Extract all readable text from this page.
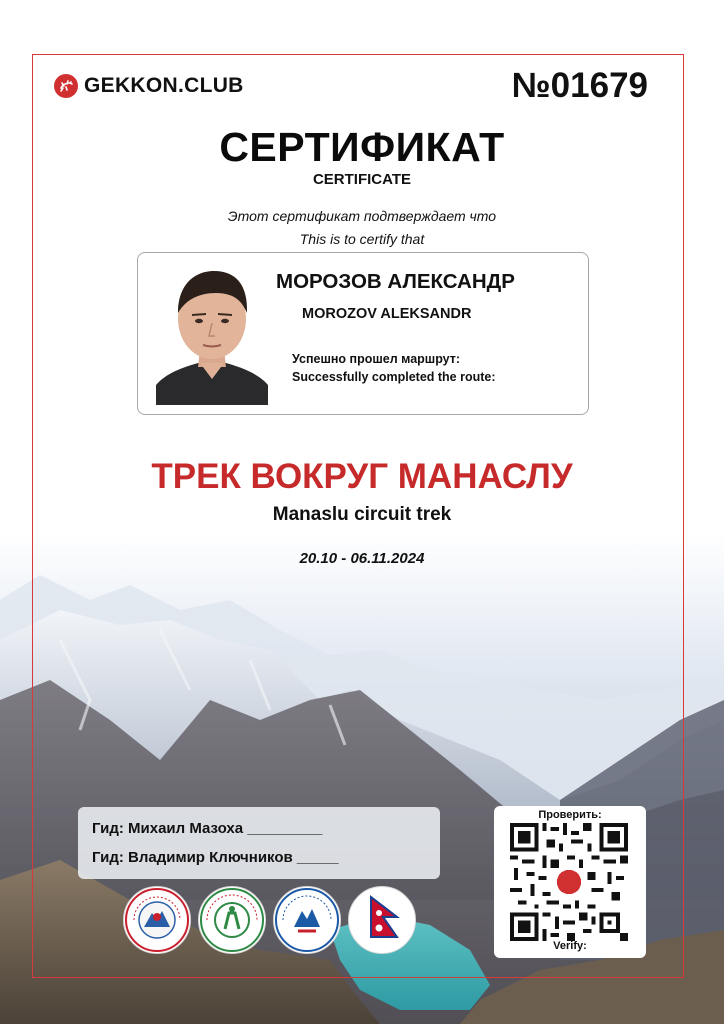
GEKKON.CLUB	№01679
СЕРТИФИКАТ
CERTIFICATE
Этот сертификат подтверждает что
This is to certify that
МОРОЗОВ АЛЕКСАНДР
MOROZOV ALEKSANDR
Успешно прошел маршрут:
Successfully completed the route:
ТРЕК ВОКРУГ МАНАСЛУ
Manaslu circuit trek
20.10 - 06.11.2024
Гид: Михаил Мазоха _________
Гид: Владимир Ключников _____
Проверить:
Verify:
